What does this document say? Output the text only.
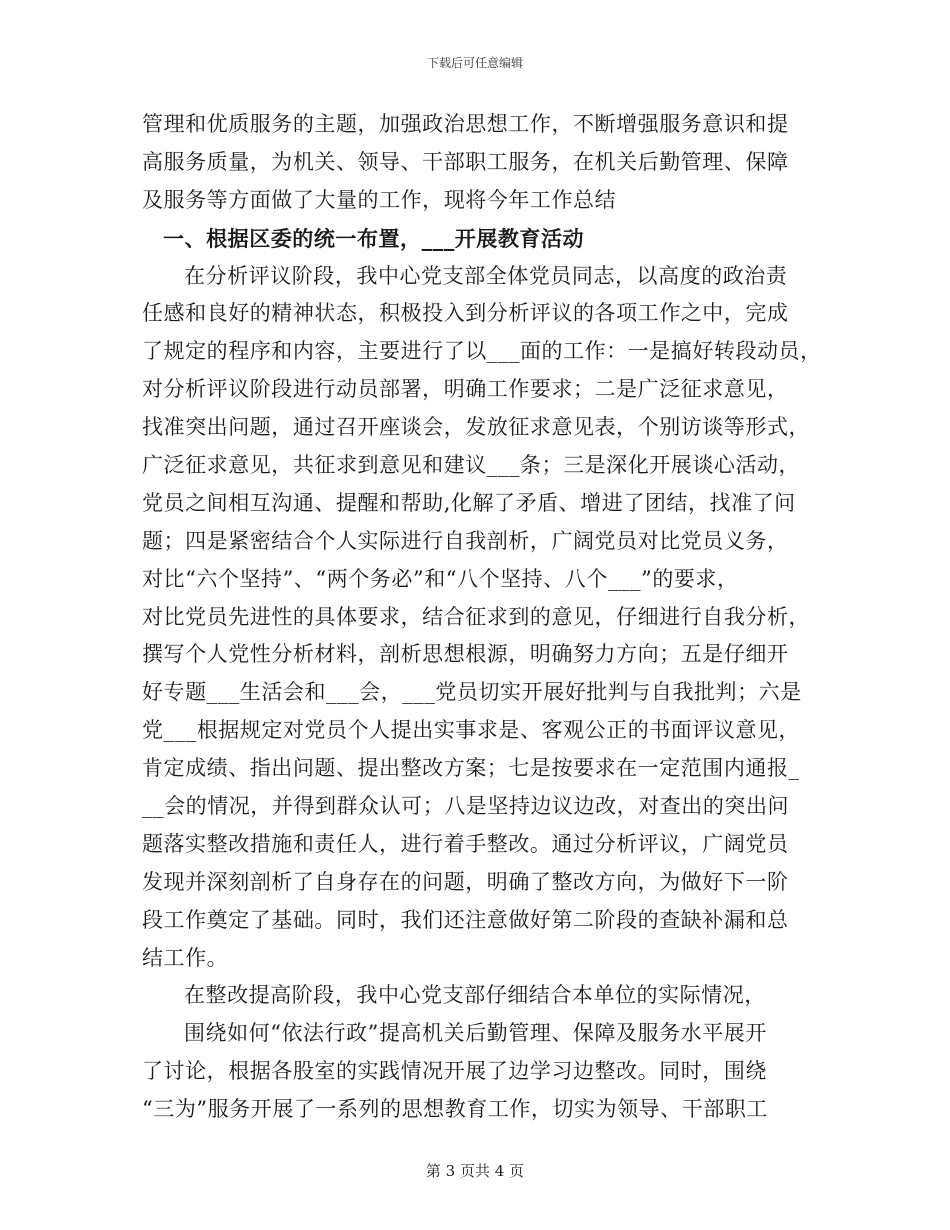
下载后可任意编辑
管理和优质服务的主题，加强政治思想工作，不断增强服务意识和提
高服务质量，为机关、领导、干部职工服务，在机关后勤管理、保障
及服务等方面做了大量的工作，现将今年工作总结
一、根据区委的统一布置，___开展教育活动
在分析评议阶段，我中心党支部全体党员同志，以高度的政治责
任感和良好的精神状态，积极投入到分析评议的各项工作之中，完成
了规定的程序和内容，主要进行了以___面的工作：一是搞好转段动员，
对分析评议阶段进行动员部署，明确工作要求；二是广泛征求意见，
找准突出问题，通过召开座谈会，发放征求意见表，个别访谈等形式，
广泛征求意见，共征求到意见和建议___条；三是深化开展谈心活动，
党员之间相互沟通、提醒和帮助,化解了矛盾、增进了团结，找准了问
题；四是紧密结合个人实际进行自我剖析，广阔党员对比党员义务，
对比“六个坚持”、“两个务必”和“八个坚持、八个___”的要求，
对比党员先进性的具体要求，结合征求到的意见，仔细进行自我分析，
撰写个人党性分析材料，剖析思想根源，明确努力方向；五是仔细开
好专题___生活会和___会，___党员切实开展好批判与自我批判；六是
党___根据规定对党员个人提出实事求是、客观公正的书面评议意见，
肯定成绩、指出问题、提出整改方案；七是按要求在一定范围内通报_
__会的情况，并得到群众认可；八是坚持边议边改，对查出的突出问
题落实整改措施和责任人，进行着手整改。通过分析评议，广阔党员
发现并深刻剖析了自身存在的问题，明确了整改方向，为做好下一阶
段工作奠定了基础。同时，我们还注意做好第二阶段的查缺补漏和总
结工作。
在整改提高阶段，我中心党支部仔细结合本单位的实际情况，
围绕如何“依法行政”提高机关后勤管理、保障及服务水平展开
了讨论，根据各股室的实践情况开展了边学习边整改。同时，围绕
“三为”服务开展了一系列的思想教育工作，切实为领导、干部职工
第 3 页共 4 页
